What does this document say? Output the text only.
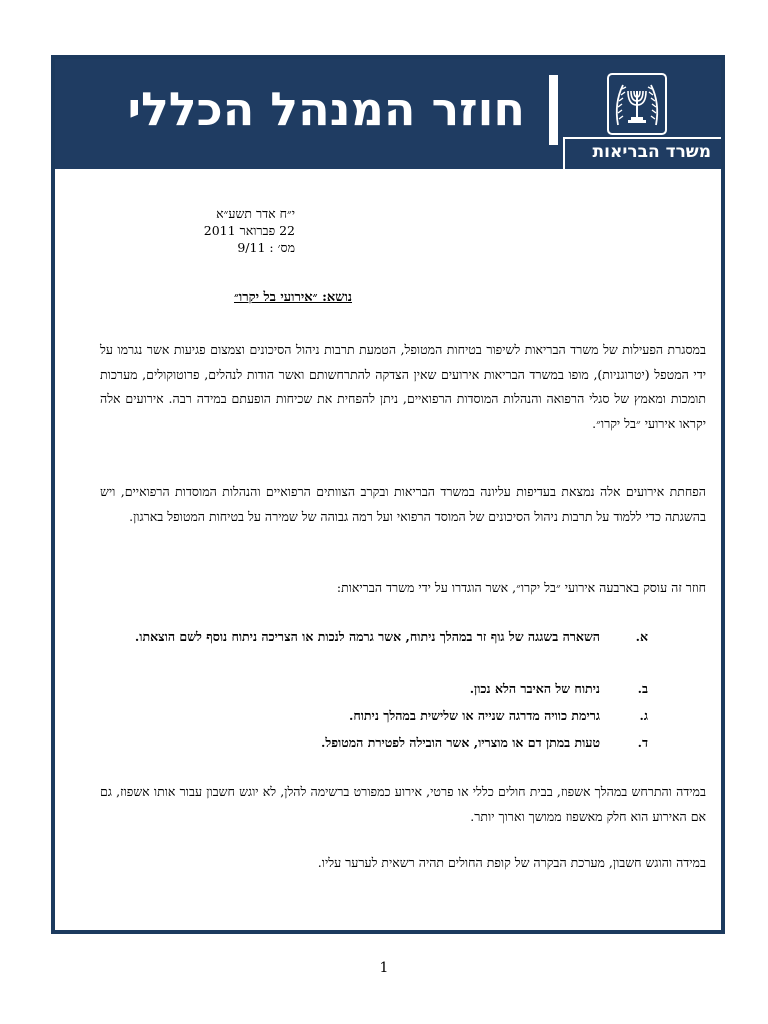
חוזר המנהל הכללי
משרד הבריאות
י״ח אדר תשע״א
22 פברואר 2011
מס׳ : 9/11
נושא: ״אירועי בל יקרו״
במסגרת הפעילות של משרד הבריאות לשיפור בטיחות המטופל, הטמעת תרבות ניהול הסיכונים וצמצום פגיעות אשר נגרמו על ידי המטפל (יטרוגניות), מופו במשרד הבריאות אירועים שאין הצדקה להתרחשותם ואשר הודות לנהלים, פרוטוקולים, מערכות תומכות ומאמץ של סגלי הרפואה והנהלות המוסדות הרפואיים, ניתן להפחית את שכיחות הופעתם במידה רבה. אירועים אלה יקראו אירועי ״בל יקרו״.
הפחתת אירועים אלה נמצאת בעדיפות עליונה במשרד הבריאות ובקרב הצוותים הרפואיים והנהלות המוסדות הרפואיים, ויש בהשגתה כדי ללמוד על תרבות ניהול הסיכונים של המוסד הרפואי ועל רמה גבוהה של שמירה על בטיחות המטופל בארגון.
חוזר זה עוסק בארבעה אירועי ״בל יקרו״, אשר הוגדרו על ידי משרד הבריאות:
א.
השארה בשגגה של גוף זר במהלך ניתוח, אשר גרמה לנכות או הצריכה ניתוח נוסף לשם הוצאתו.
ב.
ניתוח של האיבר הלא נכון.
ג.
גרימת כוויה מדרגה שנייה או שלישית במהלך ניתוח.
ד.
טעות במתן דם או מוצריו, אשר הובילה לפטירת המטופל.
במידה והתרחש במהלך אשפוז, בבית חולים כללי או פרטי, אירוע כמפורט ברשימה להלן, לא יוגש חשבון עבור אותו אשפוז, גם אם האירוע הוא חלק מאשפוז ממושך וארוך יותר.
במידה והוגש חשבון, מערכת הבקרה של קופת החולים תהיה רשאית לערער עליו.
1
